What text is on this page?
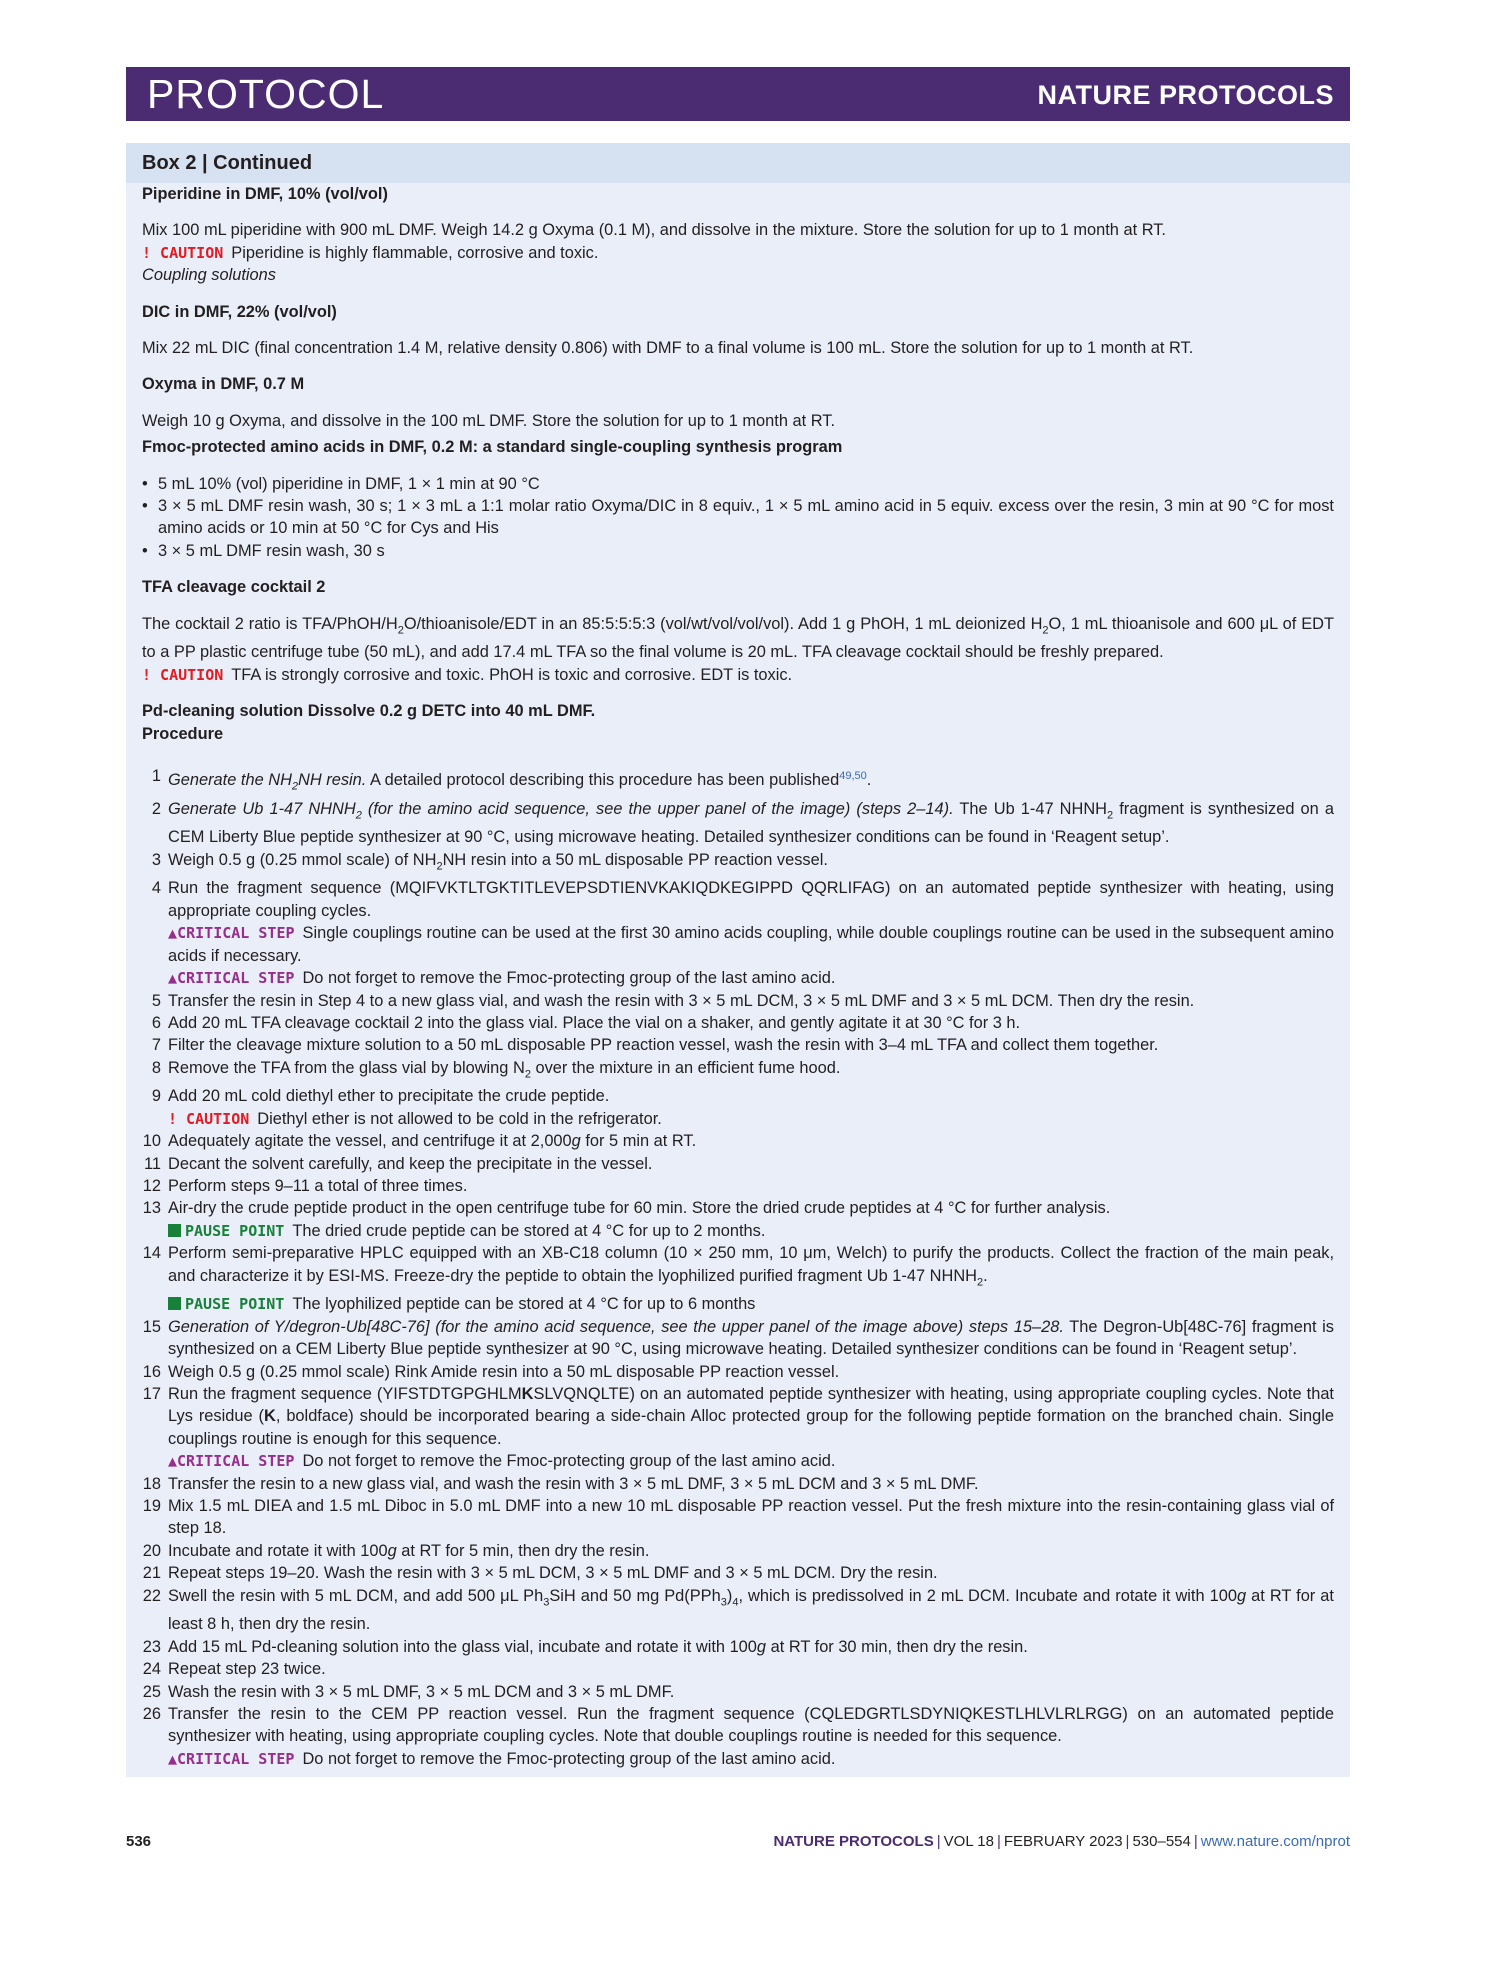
PROTOCOL	NATURE PROTOCOLS
Box 2 | Continued

Piperidine in DMF, 10% (vol/vol)

Mix 100 mL piperidine with 900 mL DMF. Weigh 14.2 g Oxyma (0.1 M), and dissolve in the mixture. Store the solution for up to 1 month at RT.

! CAUTION Piperidine is highly flammable, corrosive and toxic.

Coupling solutions

DIC in DMF, 22% (vol/vol)

Mix 22 mL DIC (final concentration 1.4 M, relative density 0.806) with DMF to a final volume is 100 mL. Store the solution for up to 1 month at RT.

Oxyma in DMF, 0.7 M

Weigh 10 g Oxyma, and dissolve in the 100 mL DMF. Store the solution for up to 1 month at RT.

Fmoc-protected amino acids in DMF, 0.2 M: a standard single-coupling synthesis program

• 5 mL 10% (vol) piperidine in DMF, 1 × 1 min at 90 °C

• 3 × 5 mL DMF resin wash, 30 s; 1 × 3 mL a 1:1 molar ratio Oxyma/DIC in 8 equiv., 1 × 5 mL amino acid in 5 equiv. excess over the resin, 3 min at 90 °C for most amino acids or 10 min at 50 °C for Cys and His

• 3 × 5 mL DMF resin wash, 30 s

TFA cleavage cocktail 2

The cocktail 2 ratio is TFA/$PhOH/H_2O/thioanisole$/EDT in an 85:5:5:5:3 (vol/wt/vol/vol/vol). Add 1 g PhOH, 1 mL deionized $H_2O$, 1 mL thioanisole and 600 μL of EDT to a PP plastic centrifuge tube (50 mL), and add 17.4 mL TFA so the final volume is 20 mL. TFA cleavage cocktail should be freshly prepared.

! CAUTION TFA is strongly corrosive and toxic. PhOH is toxic and corrosive. EDT is toxic.

Pd-cleaning solution Dissolve 0.2 g DETC into 40 mL DMF.

Procedure

1 Generate the $NH_2NH$ resin. A detailed protocol describing this procedure has been published$^{49,50}$.
2 Generate Ub 1-47 $NHNH_2$ (for the amino acid sequence, see the upper panel of the image) (steps 2–14). The Ub 1-47 $NHNH_2$ fragment is synthesized on a CEM Liberty Blue peptide synthesizer at 90 °C, using microwave heating. Detailed synthesizer conditions can be found in ‘Reagent setup’.
3 Weigh 0.5 g (0.25 mmol scale) of $NH_2NH$ resin into a 50 mL disposable PP reaction vessel.
4 Run the fragment sequence (MQIFVKTLTGKTITLEVEPSDTIENVKAKIQDKEGIPPD QQRLIFAG) on an automated peptide synthesizer with heating, using appropriate coupling cycles.
▲CRITICAL STEP Single couplings routine can be used at the first 30 amino acids coupling, while double couplings routine can be used in the subsequent amino acids if necessary.
▲CRITICAL STEP Do not forget to remove the Fmoc-protecting group of the last amino acid.
5 Transfer the resin in Step 4 to a new glass vial, and wash the resin with 3 × 5 mL DCM, 3 × 5 mL DMF and 3 × 5 mL DCM. Then dry the resin.
6 Add 20 mL TFA cleavage cocktail 2 into the glass vial. Place the vial on a shaker, and gently agitate it at 30 °C for 3 h.
7 Filter the cleavage mixture solution to a 50 mL disposable PP reaction vessel, wash the resin with 3–4 mL TFA and collect them together.
8 Remove the TFA from the glass vial by blowing $N_2$ over the mixture in an efficient fume hood.
9 Add 20 mL cold diethyl ether to precipitate the crude peptide.
! CAUTION Diethyl ether is not allowed to be cold in the refrigerator.
10 Adequately agitate the vessel, and centrifuge it at 2,000g for 5 min at RT.
11 Decant the solvent carefully, and keep the precipitate in the vessel.
12 Perform steps 9–11 a total of three times.
13 Air-dry the crude peptide product in the open centrifuge tube for 60 min. Store the dried crude peptides at 4 °C for further analysis.
PAUSE POINT The dried crude peptide can be stored at 4 °C for up to 2 months.
14 Perform semi-preparative HPLC equipped with an XB-C18 column (10 × 250 mm, 10 μm, Welch) to purify the products. Collect the fraction of the main peak, and characterize it by ESI-MS. Freeze-dry the peptide to obtain the lyophilized purified fragment Ub 1-47 $NHNH_2$.
PAUSE POINT The lyophilized peptide can be stored at 4 °C for up to 6 months
15 Generation of Y/degron-Ub[48C-76] (for the amino acid sequence, see the upper panel of the image above) steps 15–28. The Degron-Ub[48C-76] fragment is synthesized on a CEM Liberty Blue peptide synthesizer at 90 °C, using microwave heating. Detailed synthesizer conditions can be found in ‘Reagent setup’.
16 Weigh 0.5 g (0.25 mmol scale) Rink Amide resin into a 50 mL disposable PP reaction vessel.
17 Run the fragment sequence (YIFSTDTGPGHLMKSLVQNQLTE) on an automated peptide synthesizer with heating, using appropriate coupling cycles. Note that Lys residue (K, boldface) should be incorporated bearing a side-chain Alloc protected group for the following peptide formation on the branched chain. Single couplings routine is enough for this sequence.
▲CRITICAL STEP Do not forget to remove the Fmoc-protecting group of the last amino acid.
18 Transfer the resin to a new glass vial, and wash the resin with 3 × 5 mL DMF, 3 × 5 mL DCM and 3 × 5 mL DMF.
19 Mix 1.5 mL DIEA and 1.5 mL Diboc in 5.0 mL DMF into a new 10 mL disposable PP reaction vessel. Put the fresh mixture into the resin-containing glass vial of step 18.
20 Incubate and rotate it with 100g at RT for 5 min, then dry the resin.
21 Repeat steps 19–20. Wash the resin with 3 × 5 mL DCM, 3 × 5 mL DMF and 3 × 5 mL DCM. Dry the resin.
22 Swell the resin with 5 mL DCM, and add 500 μL $Ph_3SiH$ and 50 mg $Pd(PPh_3)_4$, which is predissolved in 2 mL DCM. Incubate and rotate it with 100g at RT for at least 8 h, then dry the resin.
23 Add 15 mL Pd-cleaning solution into the glass vial, incubate and rotate it with 100g at RT for 30 min, then dry the resin.
24 Repeat step 23 twice.
25 Wash the resin with 3 × 5 mL DMF, 3 × 5 mL DCM and 3 × 5 mL DMF.
26 Transfer the resin to the CEM PP reaction vessel. Run the fragment sequence (CQLEDGRTLSDYNIQKESTLHLVLRLRGG) on an automated peptide synthesizer with heating, using appropriate coupling cycles. Note that double couplings routine is needed for this sequence.
▲CRITICAL STEP Do not forget to remove the Fmoc-protecting group of the last amino acid.
536	NATURE PROTOCOLS | VOL 18 | FEBRUARY 2023 | 530–554 | www.nature.com/nprot
